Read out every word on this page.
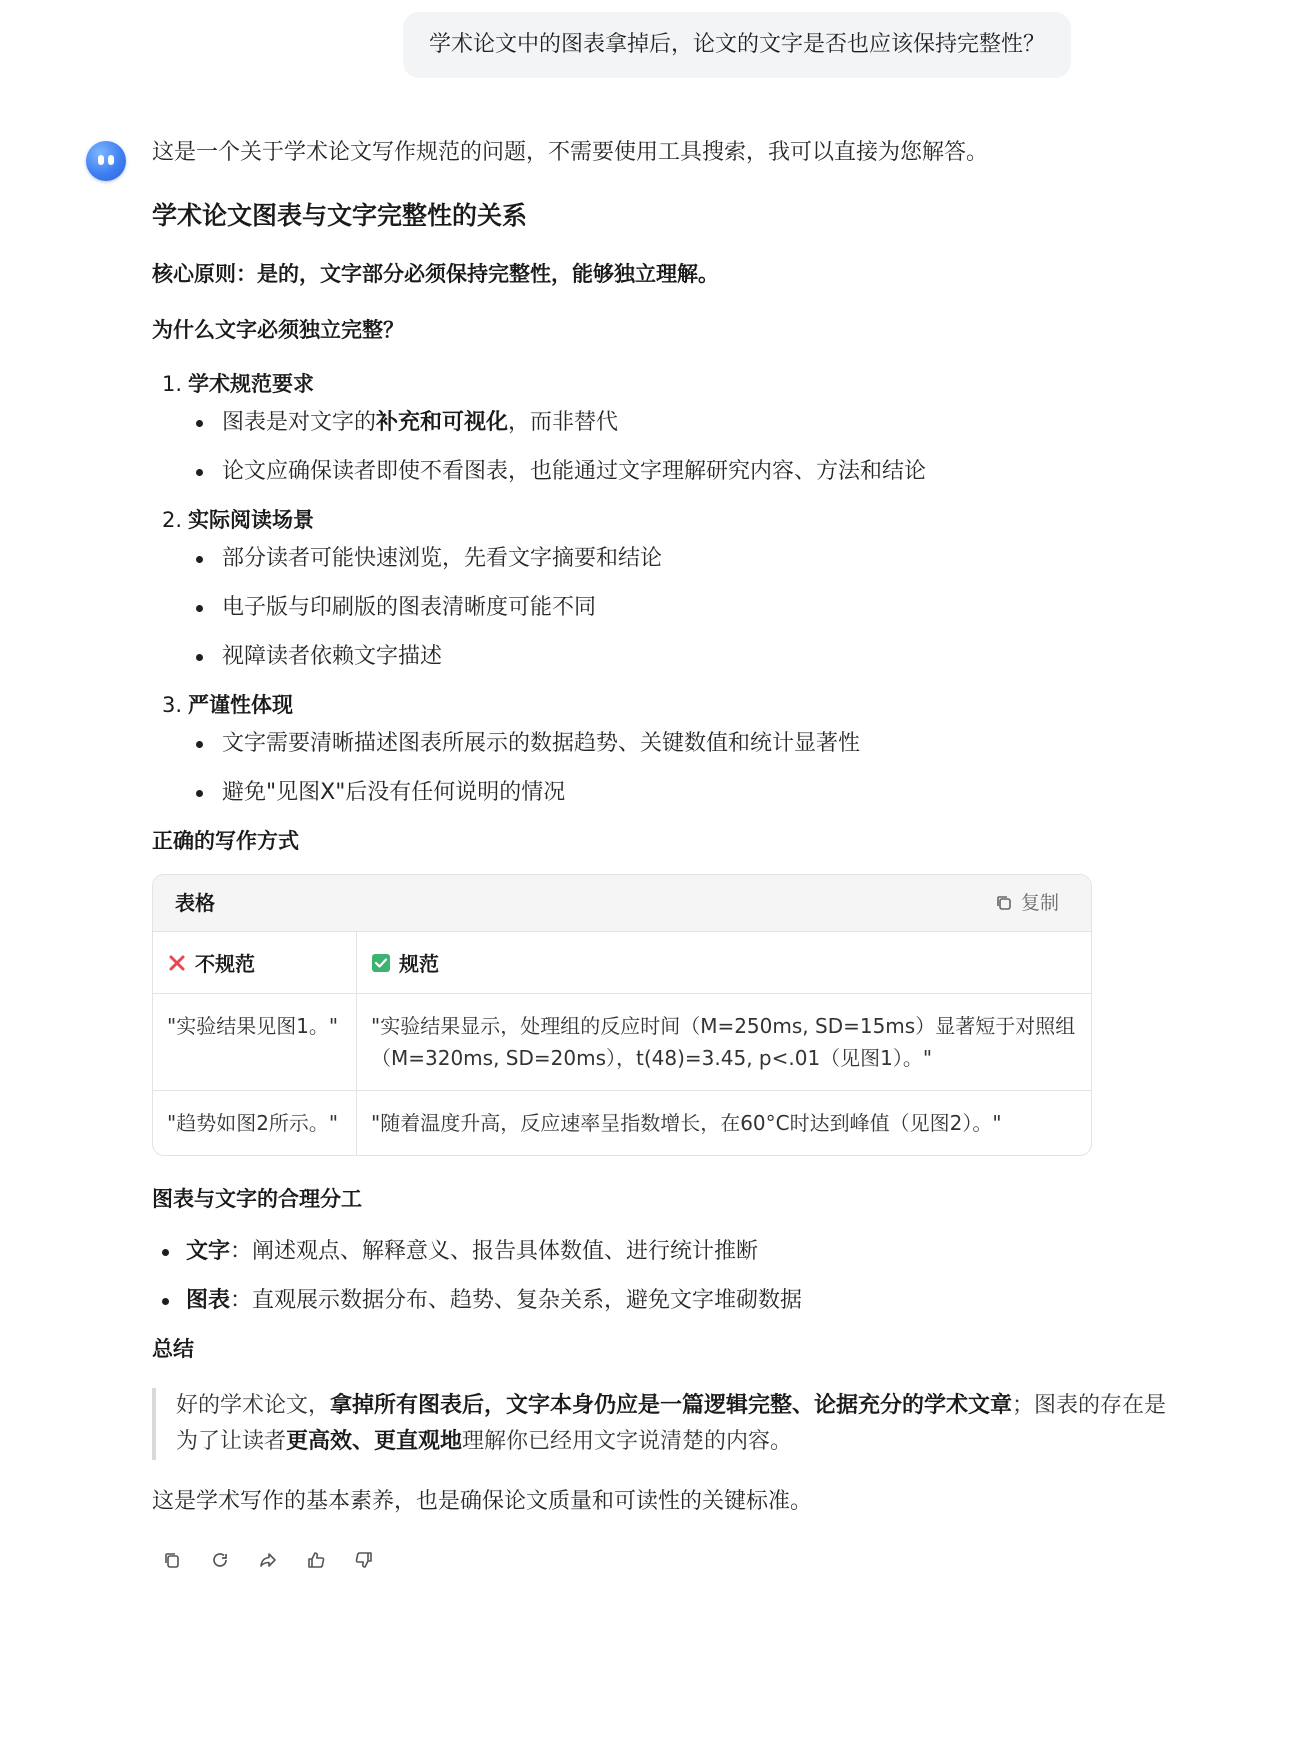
学术论文中的图表拿掉后，论文的文字是否也应该保持完整性？

这是一个关于学术论文写作规范的问题，不需要使用工具搜索，我可以直接为您解答。

学术论文图表与文字完整性的关系
核心原则：是的，文字部分必须保持完整性，能够独立理解。
为什么文字必须独立完整？
1. 学术规范要求
图表是对文字的补充和可视化，而非替代
论文应确保读者即使不看图表，也能通过文字理解研究内容、方法和结论
2. 实际阅读场景
部分读者可能快速浏览，先看文字摘要和结论
电子版与印刷版的图表清晰度可能不同
视障读者依赖文字描述
3. 严谨性体现
文字需要清晰描述图表所展示的数据趋势、关键数值和统计显著性
避免"见图X"后没有任何说明的情况
正确的写作方式
表格	复制
不规范	规范
"实验结果见图1。"	"实验结果显示，处理组的反应时间（M=250ms, SD=15ms）显著短于对照组（M=320ms, SD=20ms），t(48)=3.45, p<.01（见图1）。"
"趋势如图2所示。"	"随着温度升高，反应速率呈指数增长，在60°C时达到峰值（见图2）。"
图表与文字的合理分工
文字：阐述观点、解释意义、报告具体数值、进行统计推断
图表：直观展示数据分布、趋势、复杂关系，避免文字堆砌数据
总结
好的学术论文，拿掉所有图表后，文字本身仍应是一篇逻辑完整、论据充分的学术文章；图表的存在是为了让读者更高效、更直观地理解你已经用文字说清楚的内容。

这是学术写作的基本素养，也是确保论文质量和可读性的关键标准。
